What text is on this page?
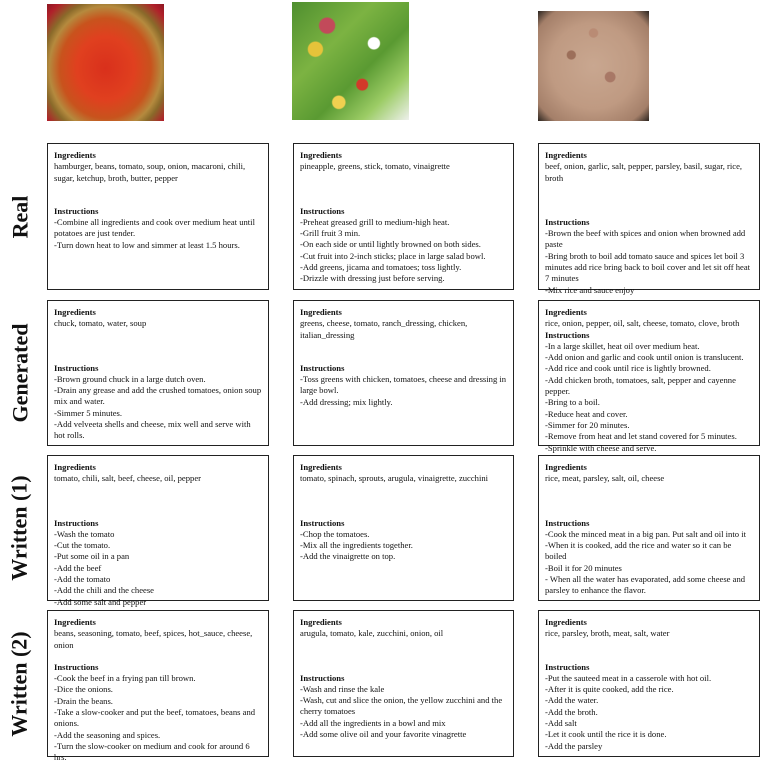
Real
Generated
Written (1)
Written (2)
Ingredients
hamburger, beans, tomato, soup, onion, macaroni, chili, sugar, ketchup, broth, butter, pepper
Instructions
-Combine all ingredients and cook over medium heat until potatoes are just tender.
-Turn down heat to low and simmer at least 1.5 hours.
Ingredients
pineapple, greens, stick, tomato, vinaigrette
Instructions
-Preheat greased grill to medium-high heat.
-Grill fruit 3 min.
-On each side or until lightly browned on both sides.
-Cut fruit into 2-inch sticks; place in large salad bowl.
-Add greens, jicama and tomatoes; toss lightly.
-Drizzle with dressing just before serving.
Ingredients
beef, onion, garlic, salt, pepper, parsley, basil, sugar, rice, broth
Instructions
-Brown the beef with spices and onion when browned add paste
-Bring broth to boil add tomato sauce and spices let boil 3 minutes add rice bring back to boil cover and let sit off heat 7 minutes
-Mix rice and sauce enjoy
Ingredients
chuck, tomato, water, soup
Instructions
-Brown ground chuck in a large dutch oven.
-Drain any grease and add the crushed tomatoes, onion soup mix and water.
-Simmer 5 minutes.
-Add velveeta shells and cheese, mix well and serve with hot rolls.
Ingredients
greens, cheese, tomato, ranch_dressing, chicken, italian_dressing
Instructions
-Toss greens with chicken, tomatoes, cheese and dressing in large bowl.
-Add dressing; mix lightly.
Ingredients
rice, onion, pepper, oil, salt, cheese, tomato, clove, broth
Instructions
-In a large skillet, heat oil over medium heat.
-Add onion and garlic and cook until onion is translucent.
-Add rice and cook until rice is lightly browned.
-Add chicken broth, tomatoes, salt, pepper and cayenne pepper.
-Bring to a boil.
-Reduce heat and cover.
-Simmer for 20 minutes.
-Remove from heat and let stand covered for 5 minutes.
-Sprinkle with cheese and serve.
Ingredients
tomato, chili, salt, beef, cheese, oil, pepper
Instructions
-Wash the tomato
-Cut the tomato.
-Put some oil in a pan
-Add the beef
-Add the tomato
-Add the chili and the cheese
-Add some salt and pepper
Ingredients
tomato, spinach, sprouts, arugula, vinaigrette, zucchini
Instructions
-Chop the tomatoes.
-Mix all the ingredients together.
-Add the vinaigrette on top.
Ingredients
rice, meat, parsley, salt, oil, cheese
Instructions
-Cook the minced meat in a big pan. Put salt and oil into it
-When it is cooked, add the rice and water so it can be boiled
-Boil it for 20 minutes
- When all the water has evaporated, add some cheese and parsley to enhance the flavor.
Ingredients
beans, seasoning, tomato, beef, spices, hot_sauce, cheese, onion
Instructions
-Cook the beef in a frying pan till brown.
-Dice the onions.
-Drain the beans.
-Take a slow-cooker and put the beef, tomatoes, beans and onions.
-Add the seasoning and spices.
-Turn the slow-cooker on medium and cook for around 6 hrs.
Ingredients
arugula, tomato, kale, zucchini, onion, oil
Instructions
-Wash and rinse the kale
-Wash, cut and slice the onion, the yellow zucchini and the cherry tomatoes
-Add all the ingredients in a bowl and mix
-Add some olive oil and your favorite vinagrette
Ingredients
rice, parsley, broth, meat, salt, water
Instructions
-Put the sauteed meat in a casserole with hot oil.
-After it is quite cooked, add the rice.
-Add the water.
-Add the broth.
-Add salt
-Let it cook until the rice it is done.
-Add the parsley
